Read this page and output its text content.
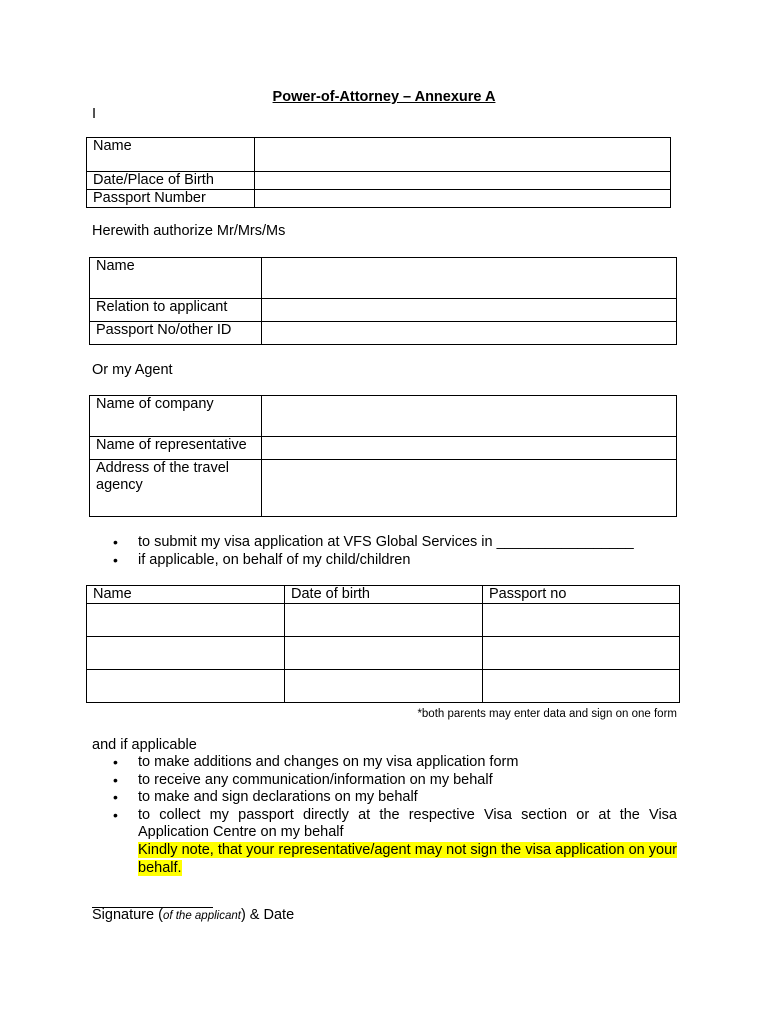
Power-of-Attorney – Annexure A
I
Name	
Date/Place of Birth	
Passport Number	
Herewith authorize Mr/Mrs/Ms
Name	
Relation to applicant	
Passport No/other ID	
Or my Agent
Name of company	
Name of representative	
Address of the travel agency	
• to submit my visa application at VFS Global Services in _________________
• if applicable, on behalf of my child/children
Name	Date of birth	Passport no

*both parents may enter data and sign on one form
and if applicable
• to make additions and changes on my visa application form
• to receive any communication/information on my behalf
• to make and sign declarations on my behalf
• to collect my passport directly at the respective Visa section or at the Visa Application Centre on my behalf
Kindly note, that your representative/agent may not sign the visa application on your behalf.
Signature (of the applicant) & Date
